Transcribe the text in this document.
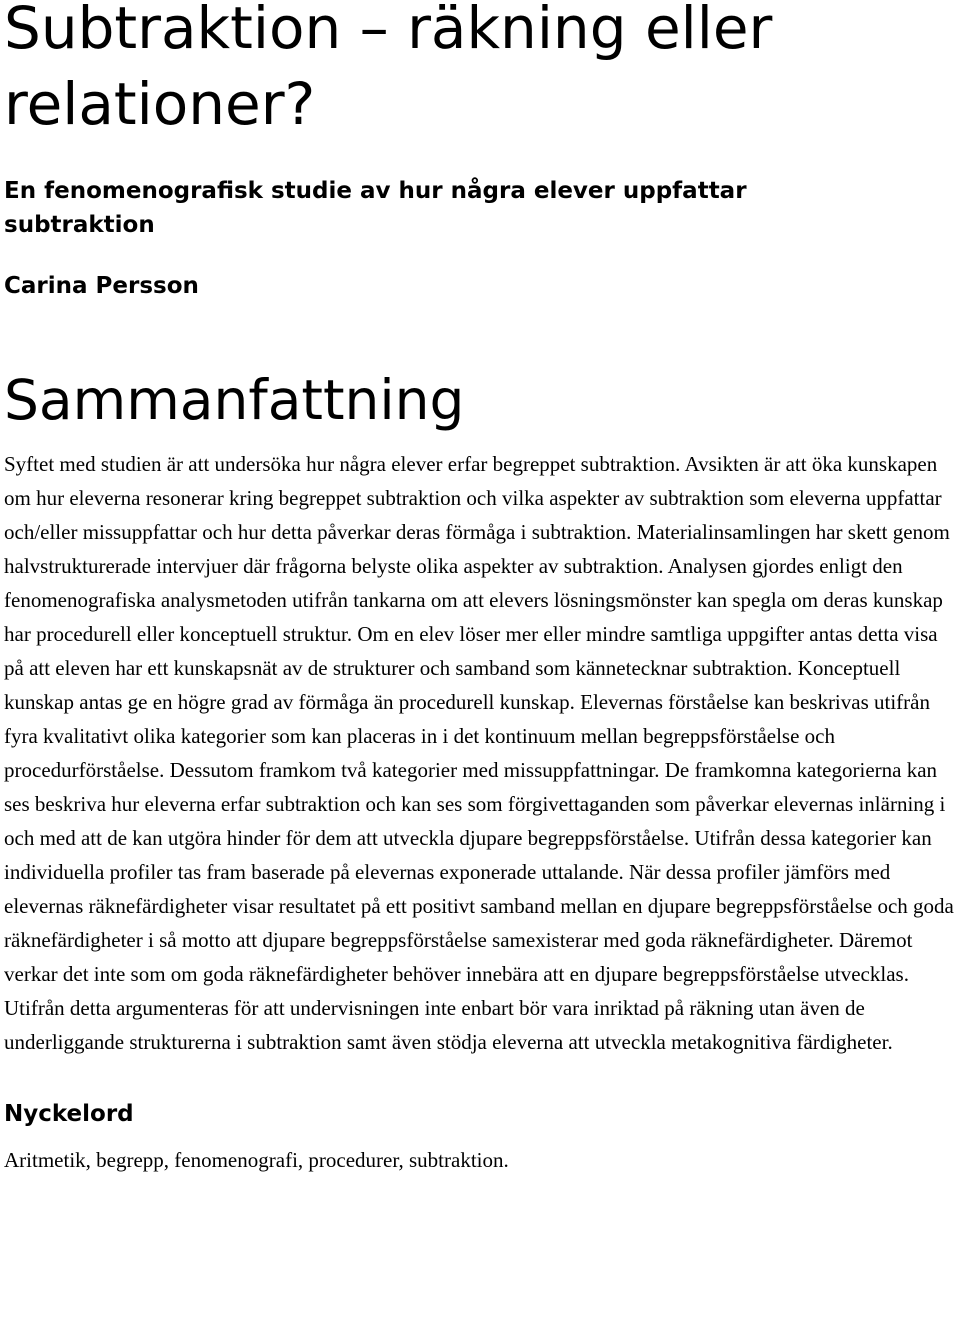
Subtraktion – räkning eller relationer?
En fenomenografisk studie av hur några elever uppfattar subtraktion
Carina Persson
Sammanfattning

Syftet med studien är att undersöka hur några elever erfar begreppet subtraktion. Avsikten är att öka kunskapen om hur eleverna resonerar kring begreppet subtraktion och vilka aspekter av subtraktion som eleverna uppfattar och/eller missuppfattar och hur detta påverkar deras förmåga i subtraktion. Materialinsamlingen har skett genom halvstrukturerade intervjuer där frågorna belyste olika aspekter av subtraktion. Analysen gjordes enligt den fenomenografiska analysmetoden utifrån tankarna om att elevers lösningsmönster kan spegla om deras kunskap har procedurell eller konceptuell struktur. Om en elev löser mer eller mindre samtliga uppgifter antas detta visa på att eleven har ett kunskapsnät av de strukturer och samband som kännetecknar subtraktion. Konceptuell kunskap antas ge en högre grad av förmåga än procedurell kunskap. Elevernas förståelse kan beskrivas utifrån fyra kvalitativt olika kategorier som kan placeras in i det kontinuum mellan begreppsförståelse och procedurförståelse. Dessutom framkom två kategorier med missuppfattningar. De framkomna kategorierna kan ses beskriva hur eleverna erfar subtraktion och kan ses som förgivettaganden som påverkar elevernas inlärning i och med att de kan utgöra hinder för dem att utveckla djupare begreppsförståelse. Utifrån dessa kategorier kan individuella profiler tas fram baserade på elevernas exponerade uttalande. När dessa profiler jämförs med elevernas räknefärdigheter visar resultatet på ett positivt samband mellan en djupare begreppsförståelse och goda räknefärdigheter i så motto att djupare begreppsförståelse samexisterar med goda räknefärdigheter. Däremot verkar det inte som om goda räknefärdigheter behöver innebära att en djupare begreppsförståelse utvecklas. Utifrån detta argumenteras för att undervisningen inte enbart bör vara inriktad på räkning utan även de underliggande strukturerna i subtraktion samt även stödja eleverna att utveckla metakognitiva färdigheter.

Nyckelord
Aritmetik, begrepp, fenomenografi, procedurer, subtraktion.
